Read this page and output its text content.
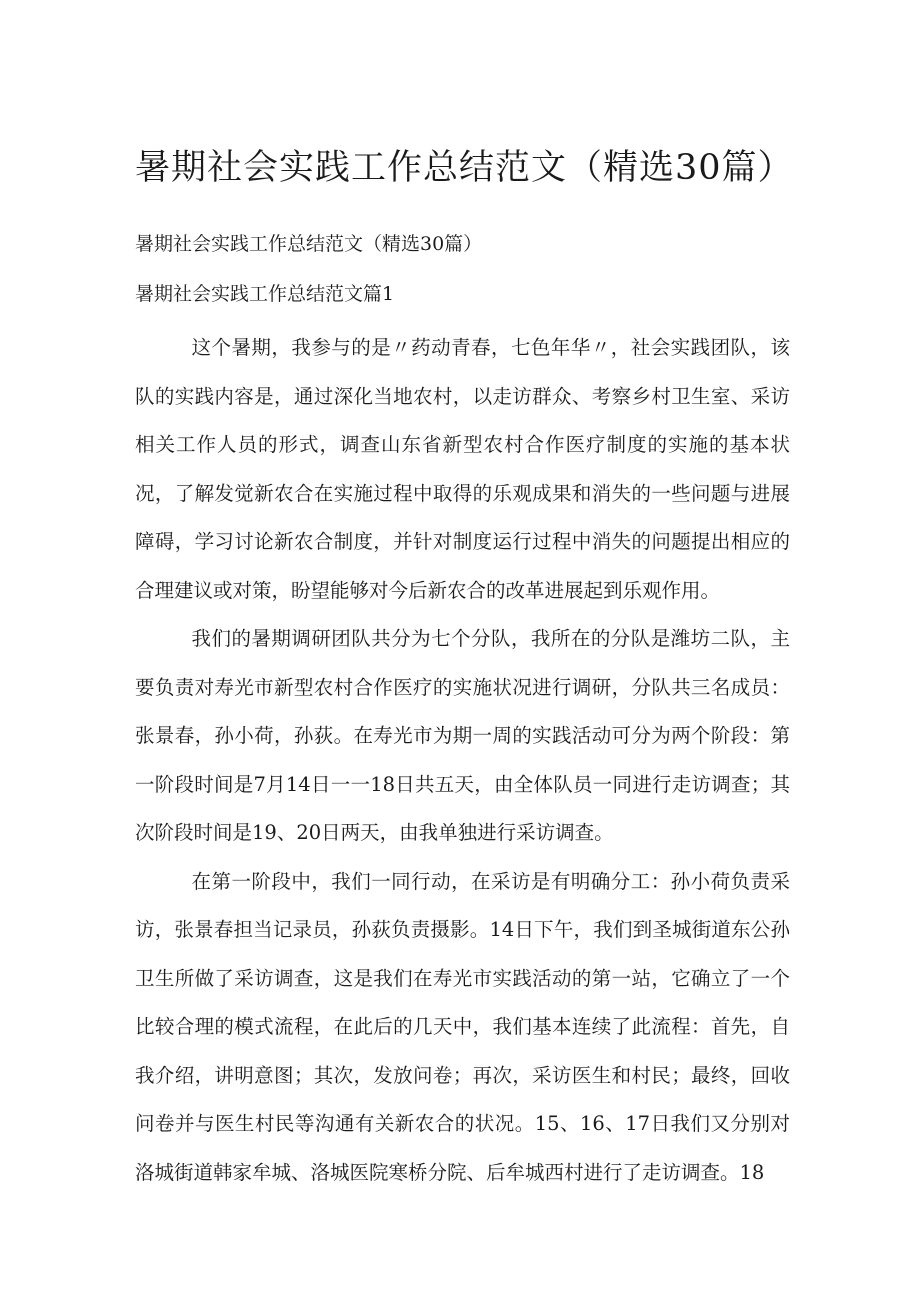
暑期社会实践工作总结范文（精选30篇）

暑期社会实践工作总结范文（精选30篇）

暑期社会实践工作总结范文篇1

这个暑期，我参与的是〃药动青春，七色年华〃，社会实践团队，该队的实践内容是，通过深化当地农村，以走访群众、考察乡村卫生室、采访相关工作人员的形式，调查山东省新型农村合作医疗制度的实施的基本状况，了解发觉新农合在实施过程中取得的乐观成果和消失的一些问题与进展障碍，学习讨论新农合制度，并针对制度运行过程中消失的问题提出相应的合理建议或对策，盼望能够对今后新农合的改革进展起到乐观作用。

我们的暑期调研团队共分为七个分队，我所在的分队是潍坊二队，主要负责对寿光市新型农村合作医疗的实施状况进行调研，分队共三名成员：张景春，孙小荷，孙荻。在寿光市为期一周的实践活动可分为两个阶段：第一阶段时间是7月14日一一18日共五天，由全体队员一同进行走访调查；其次阶段时间是19、20日两天，由我单独进行采访调查。

在第一阶段中，我们一同行动，在采访是有明确分工：孙小荷负责采访，张景春担当记录员，孙荻负责摄影。14日下午，我们到圣城街道东公孙卫生所做了采访调查，这是我们在寿光市实践活动的第一站，它确立了一个比较合理的模式流程，在此后的几天中，我们基本连续了此流程：首先，自我介绍，讲明意图；其次，发放问卷；再次，采访医生和村民；最终，回收问卷并与医生村民等沟通有关新农合的状况。15、16、17日我们又分别对洛城街道韩家牟城、洛城医院寒桥分院、后牟城西村进行了走访调查。18
